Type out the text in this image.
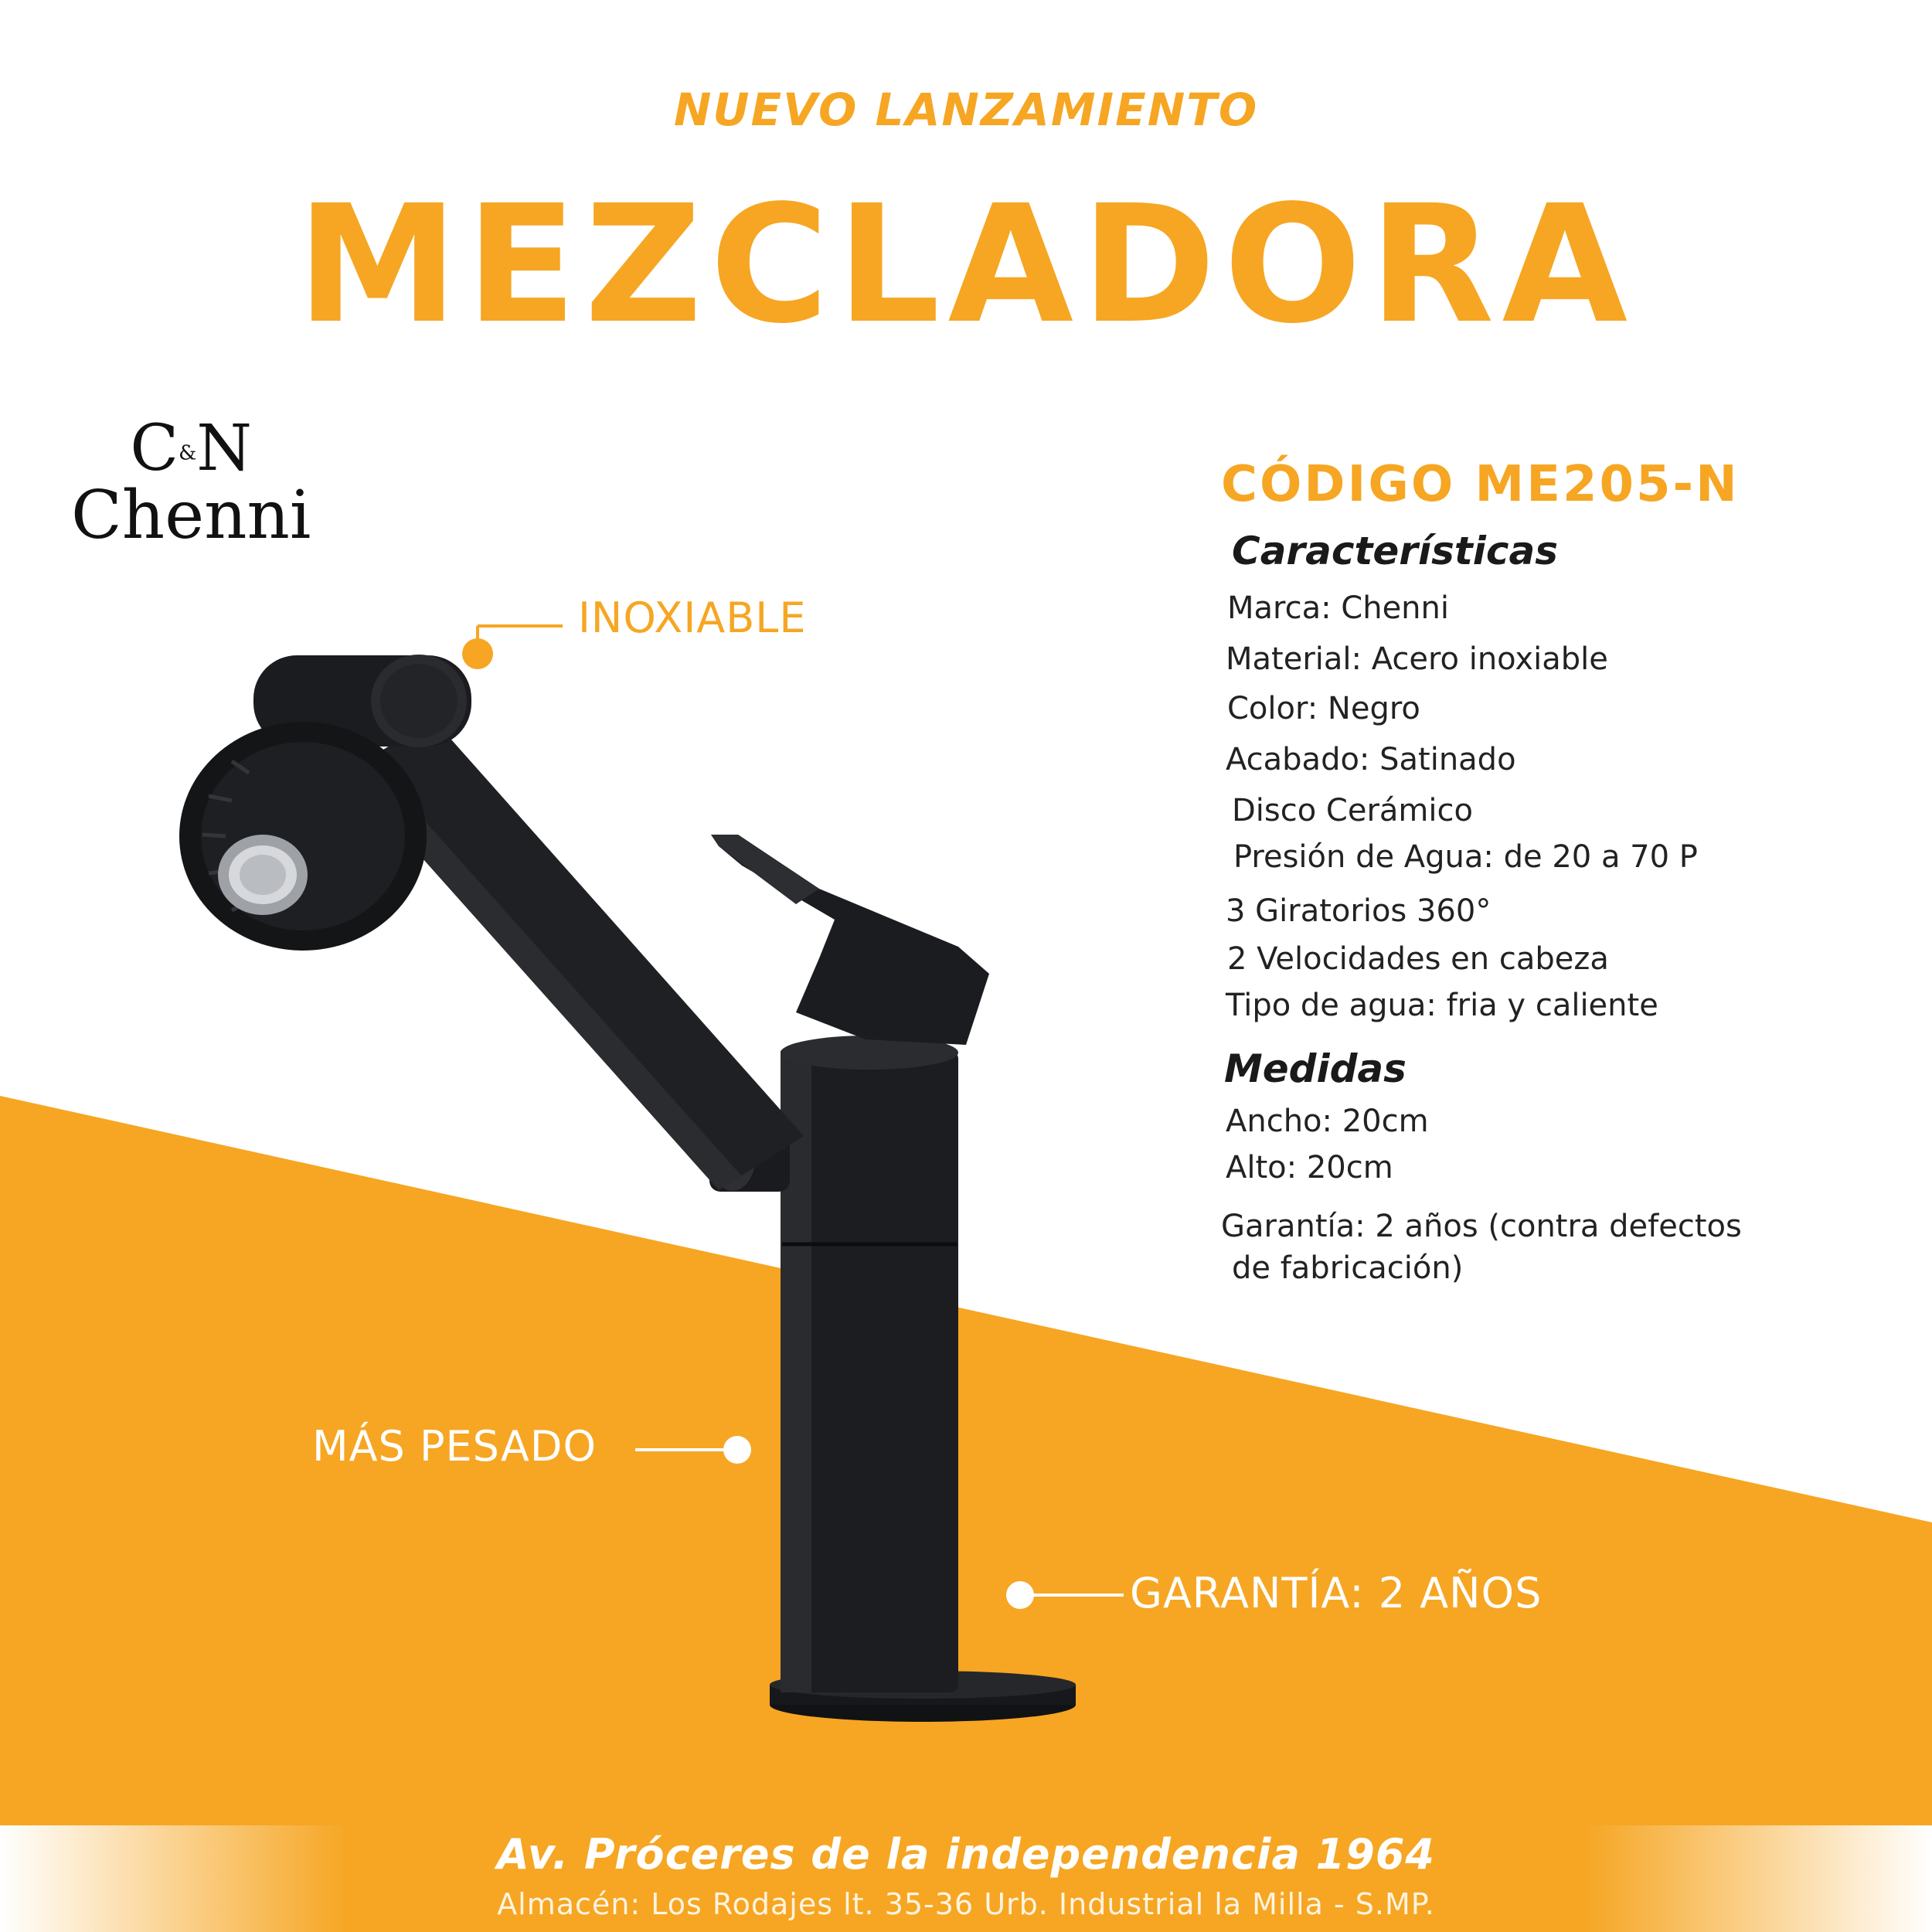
NUEVO LANZAMIENTO
MEZCLADORA
C&N
Chenni	CÓDIGO ME205-N
Características
Marca: Chenni
Material: Acero inoxiable
Color: Negro
Acabado: Satinado
Disco Cerámico
Presión de Agua: de 20 a 70 P
3 Giratorios 360°
2 Velocidades en cabeza
Tipo de agua: fria y caliente
Medidas
Ancho: 20cm
Alto: 20cm
Garantía: 2 años (contra defectos
de fabricación)
INOXIABLE
MÁS PESADO
GARANTÍA: 2 AÑOS
Av. Próceres de la independencia 1964
Almacén: Los Rodajes lt. 35-36 Urb. Industrial la Milla - S.MP.
